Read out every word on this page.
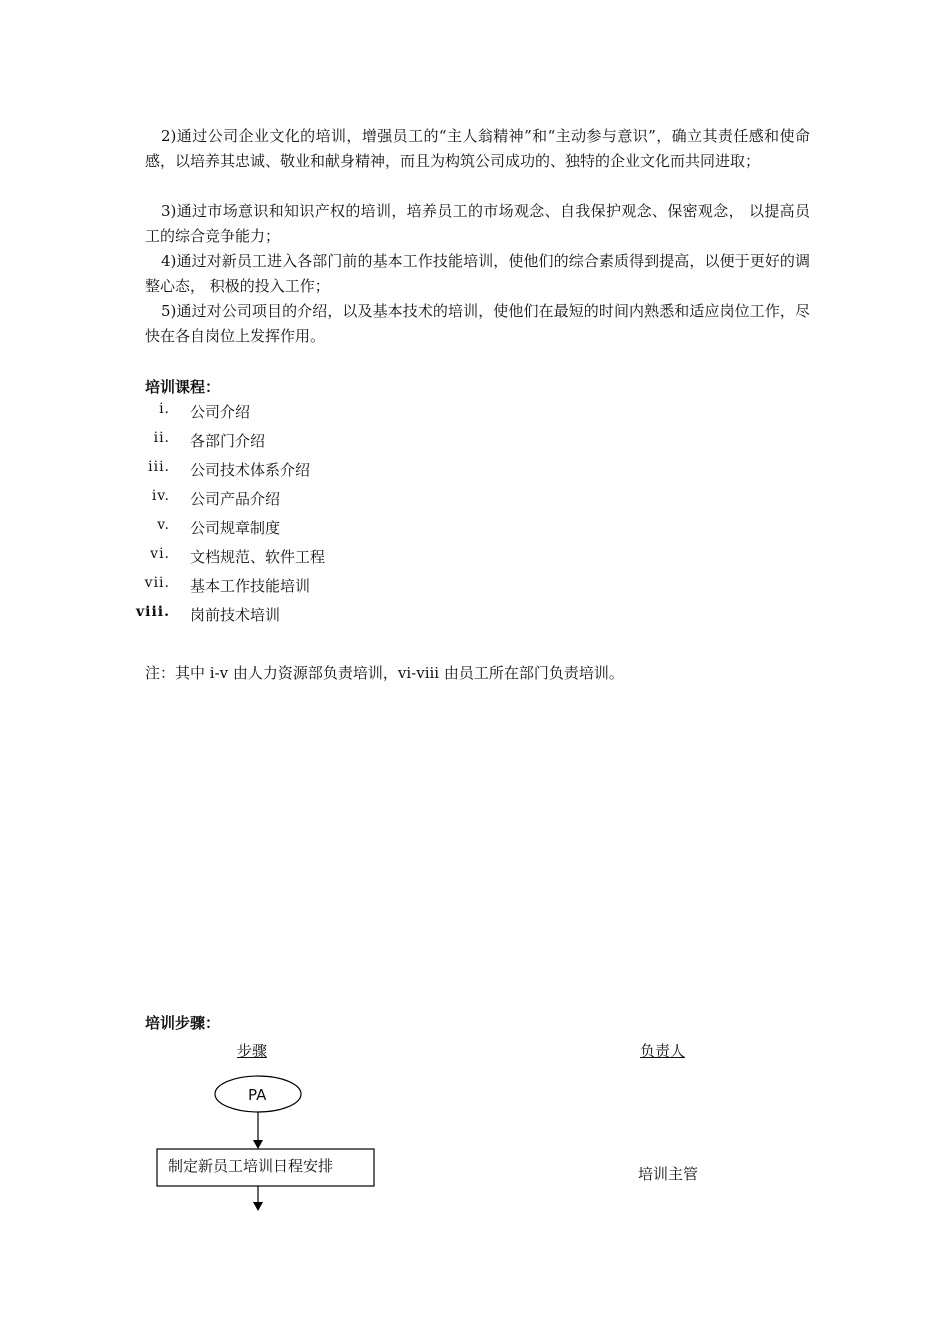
2)通过公司企业文化的培训，增强员工的“主人翁精神”和“主动参与意识”，确立其责任感和使命感，以培养其忠诚、敬业和献身精神，而且为构筑公司成功的、独特的企业文化而共同进取；
3)通过市场意识和知识产权的培训，培养员工的市场观念、自我保护观念、保密观念， 以提高员工的综合竞争能力；
4)通过对新员工进入各部门前的基本工作技能培训，使他们的综合素质得到提高，以便于更好的调整心态， 积极的投入工作；
5)通过对公司项目的介绍，以及基本技术的培训，使他们在最短的时间内熟悉和适应岗位工作，尽快在各自岗位上发挥作用。
培训课程：
i. 公司介绍
ii. 各部门介绍
iii. 公司技术体系介绍
iv. 公司产品介绍
v. 公司规章制度
vi. 文档规范、软件工程
vii. 基本工作技能培训
viii. 岗前技术培训
注：其中 i-v 由人力资源部负责培训，vi-viii 由员工所在部门负责培训。
培训步骤：
步骤	负责人
PA
制定新员工培训日程安排	培训主管
